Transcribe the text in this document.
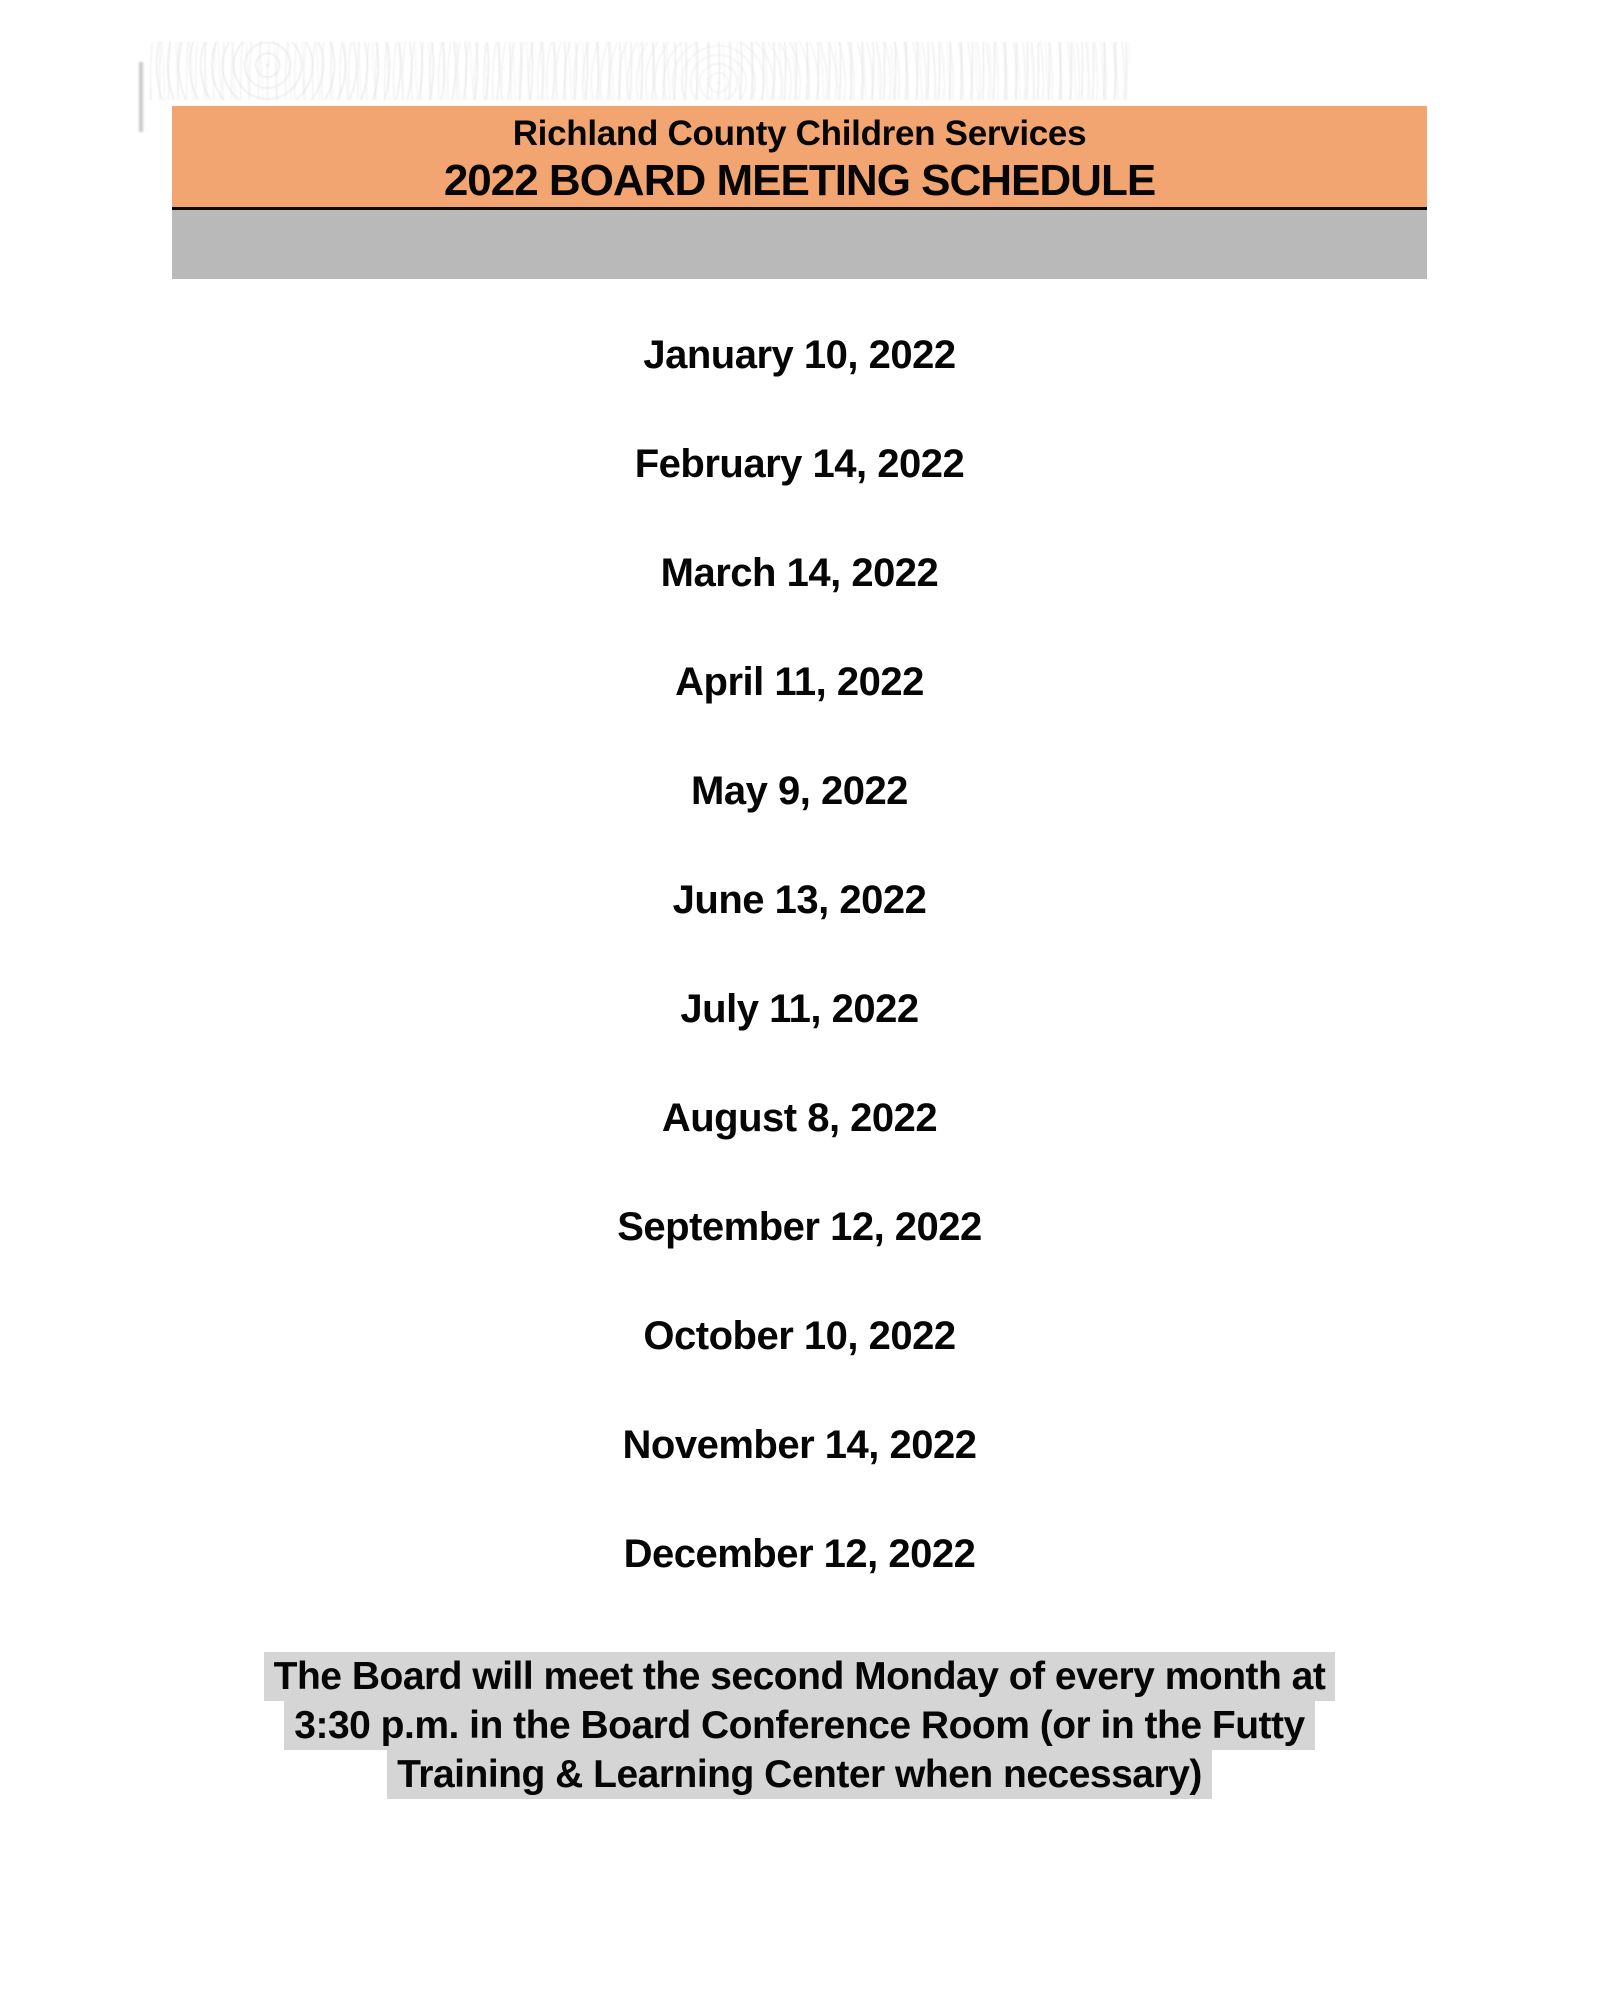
Richland County Children Services

2022 BOARD MEETING SCHEDULE

January 10, 2022
February 14, 2022
March 14, 2022
April 11, 2022
May 9, 2022
June 13, 2022
July 11, 2022
August 8, 2022
September 12, 2022
October 10, 2022
November 14, 2022
December 12, 2022
The Board will meet the second Monday of every month at
3:30 p.m. in the Board Conference Room (or in the Futty
Training & Learning Center when necessary)
